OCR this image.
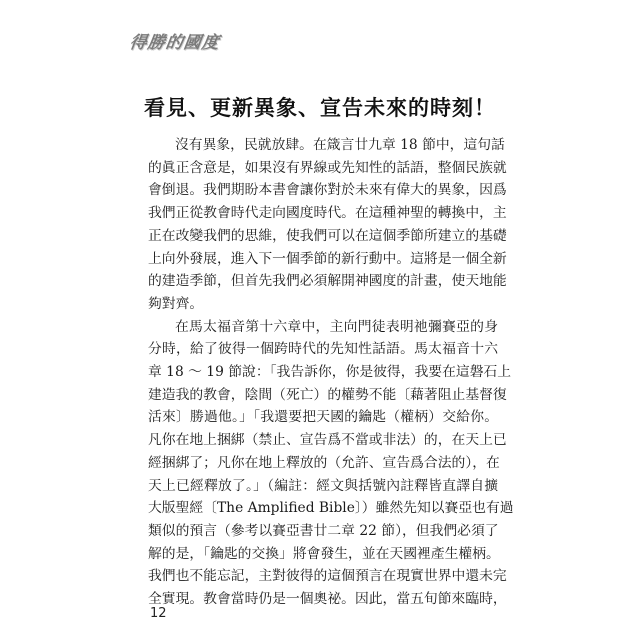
得勝的國度
看見、更新異象、宣告未來的時刻！
沒有異象，民就放肆。在箴言廿九章 18 節中，這句話
的眞正含意是，如果沒有界線或先知性的話語，整個民族就
會倒退。我們期盼本書會讓你對於未來有偉大的異象，因爲
我們正從教會時代走向國度時代。在這種神聖的轉換中，主
正在改變我們的思維，使我們可以在這個季節所建立的基礎
上向外發展，進入下一個季節的新行動中。這將是一個全新
的建造季節，但首先我們必須解開神國度的計畫，使天地能
夠對齊。
在馬太福音第十六章中，主向門徒表明祂彌賽亞的身
分時，給了彼得一個跨時代的先知性話語。馬太福音十六
章 18 ～ 19 節說：「我告訴你，你是彼得，我要在這磐石上
建造我的教會，陰間（死亡）的權勢不能〔藉著阻止基督復
活來〕勝過他。」「我還要把天國的鑰匙（權柄）交給你。
凡你在地上捆綁（禁止、宣告爲不當或非法）的，在天上已
經捆綁了；凡你在地上釋放的（允許、宣告爲合法的），在
天上已經釋放了。」（編註：經文與括號內註釋皆直譯自擴
大版聖經〔The Amplified Bible〕）雖然先知以賽亞也有過
類似的預言（參考以賽亞書廿二章 22 節），但我們必須了
解的是，「鑰匙的交換」將會發生，並在天國裡產生權柄。
我們也不能忘記，主對彼得的這個預言在現實世界中還未完
全實現。教會當時仍是一個奧祕。因此，當五旬節來臨時，
12
